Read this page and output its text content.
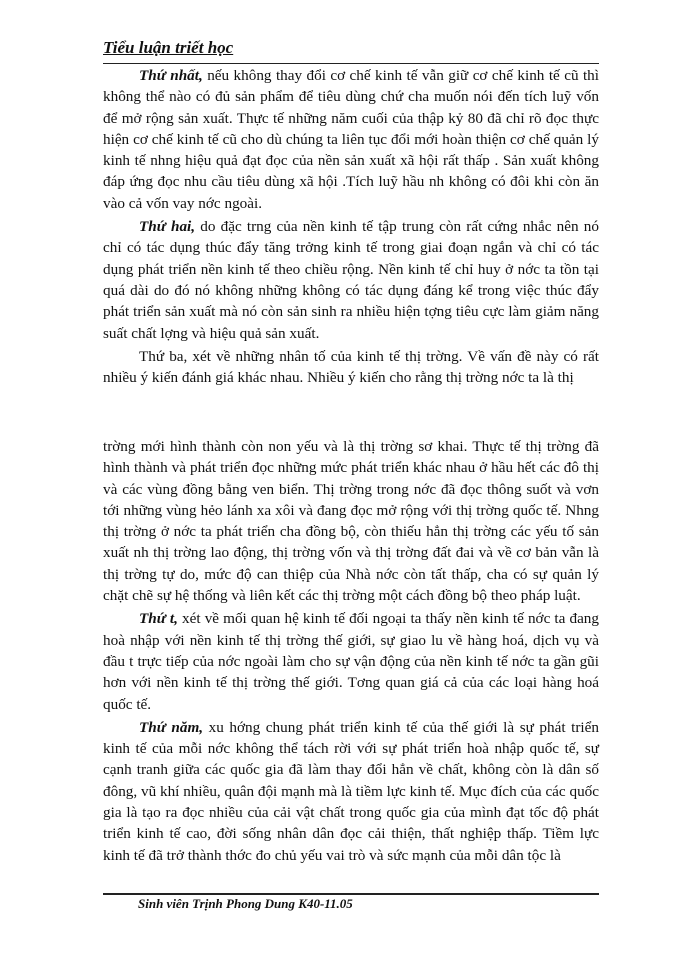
Tiểu luận triết học

Thứ nhất, nếu không thay đổi cơ chế kinh tế vẫn giữ cơ chế kinh tế cũ thì không thể nào có đủ sản phẩm để tiêu dùng chứ cha muốn nói đến tích luỹ vốn để mở rộng sản xuất. Thực tế những năm cuối của thập kỷ 80 đã chỉ rõ đọc thực hiện cơ chế kinh tế cũ cho dù chúng ta liên tục đổi mới hoàn thiện cơ chế quản lý kinh tế nhng hiệu quả đạt đọc của nền sản xuất xã hội rất thấp . Sản xuất không đáp ứng đọc nhu cầu tiêu dùng xã hội .Tích luỹ hầu nh không có đôi khi còn ăn vào cả vốn vay nớc ngoài.

Thứ hai, do đặc trng của nền kinh tế tập trung còn rất cứng nhắc nên nó chỉ có tác dụng thúc đẩy tăng trởng kinh tế trong giai đoạn ngắn và chỉ có tác dụng phát triển nền kinh tế theo chiều rộng. Nền kinh tế chỉ huy ở nớc ta tồn tại quá dài do đó nó không những không có tác dụng đáng kể trong việc thúc đẩy phát triển sản xuất mà nó còn sản sinh ra nhiều hiện tợng tiêu cực làm giảm năng suất chất lợng và hiệu quả sản xuất.

Thứ ba, xét về những nhân tố của kinh tế thị trờng. Về vấn đề này có rất nhiều ý kiến đánh giá khác nhau. Nhiều ý kiến cho rằng thị trờng nớc ta là thị

trờng mới hình thành còn non yếu và là thị trờng sơ khai. Thực tế thị trờng đã hình thành và phát triển đọc những mức phát triển khác nhau ở hầu hết các đô thị và các vùng đồng bằng ven biển. Thị trờng trong nớc đã đọc thông suốt và vơn tới những vùng hẻo lánh xa xôi và đang đọc mở rộng với thị trờng quốc tế. Nhng thị trờng ở nớc ta phát triển cha đồng bộ, còn thiếu hẳn thị trờng các yếu tố sản xuất nh thị trờng lao động, thị trờng vốn và thị trờng đất đai và về cơ bản vẫn là thị trờng tự do, mức độ can thiệp của Nhà nớc còn tất thấp, cha có sự quản lý chặt chẽ sự hệ thống và liên kết các thị trờng một cách đồng bộ theo pháp luật.

Thứ t, xét về mối quan hệ kinh tế đối ngoại ta thấy nền kinh tế nớc ta đang hoà nhập với nền kinh tế thị trờng thế giới, sự giao lu về hàng hoá, dịch vụ và đầu t trực tiếp của nớc ngoài làm cho sự vận động của nền kinh tế nớc ta gần gũi hơn với nền kinh tế thị trờng thế giới. Tơng quan giá cả của các loại hàng hoá quốc tế.

Thứ năm, xu hớng chung phát triển kinh tế của thế giới là sự phát triển kinh tế của mỗi nớc không thể tách rời với sự phát triển hoà nhập quốc tế, sự cạnh tranh giữa các quốc gia đã làm thay đổi hẳn về chất, không còn là dân số đông, vũ khí nhiều, quân đội mạnh mà là tiềm lực kinh tế. Mục đích của các quốc gia là tạo ra đọc nhiều của cải vật chất trong quốc gia của mình đạt tốc độ phát triển kinh tế cao, đời sống nhân dân đọc cải thiện, thất nghiệp thấp. Tiềm lực kinh tế đã trở thành thớc đo chủ yếu vai trò và sức mạnh của mỗi dân tộc là

Sinh viên Trịnh Phong Dung K40-11.05
